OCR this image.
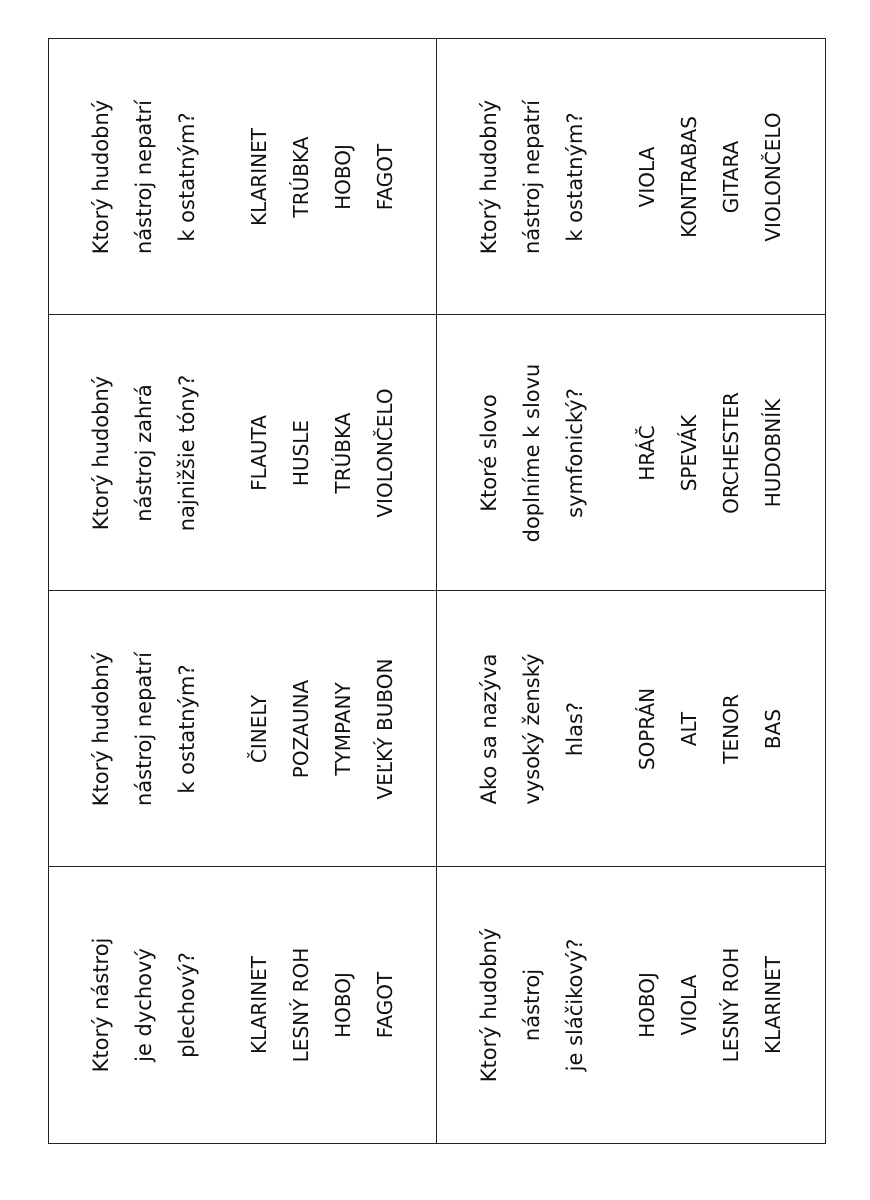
Ktorý hudobný nástroj nepatrí k ostatným?	KLARINET TRÚBKA HOBOJ FAGOT	Ktorý hudobný nástroj nepatrí k ostatným?	VIOLA KONTRABAS GITARA VIOLONČELO
Ktorý hudobný nástroj zahrá najnižšie tóny?	FLAUTA HUSLE TRÚBKA VIOLONČELO	Ktoré slovo doplníme k slovu symfonický?	HRÁČ SPEVÁK ORCHESTER HUDOBNÍK
Ktorý hudobný nástroj nepatrí k ostatným?	ČINELY POZAUNA TYMPANY VEĽKÝ BUBON	Ako sa nazýva vysoký ženský hlas?	SOPRÁN ALT TENOR BAS
Ktorý nástroj je dychový plechový?	KLARINET LESNÝ ROH HOBOJ FAGOT	Ktorý hudobný nástroj je sláčikový?	HOBOJ VIOLA LESNÝ ROH KLARINET
